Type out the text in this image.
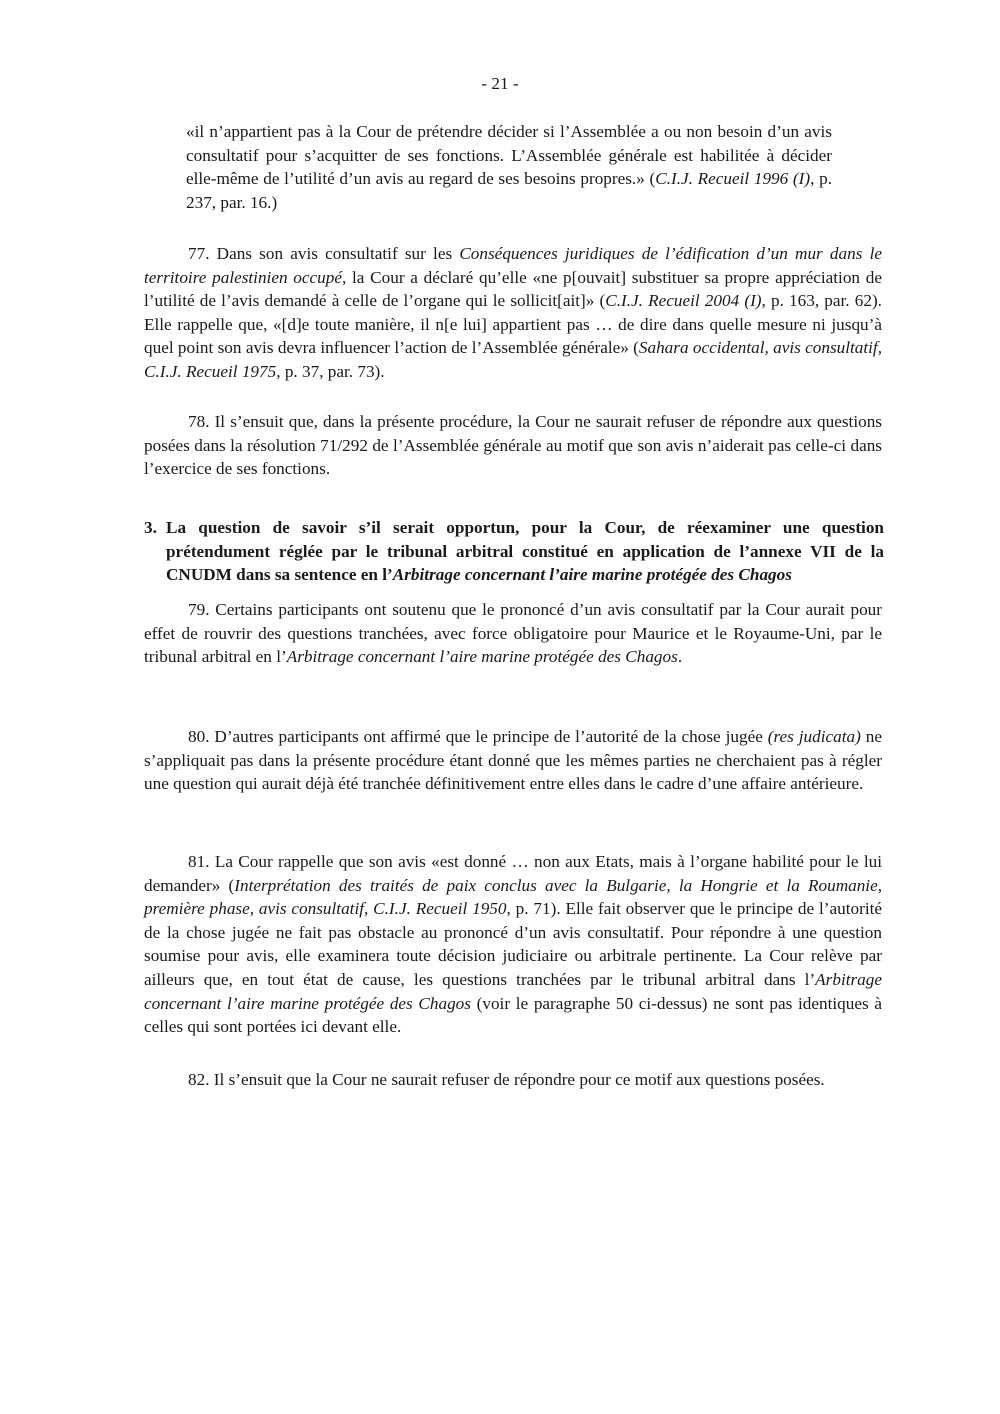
- 21 -
«il n’appartient pas à la Cour de prétendre décider si l’Assemblée a ou non besoin d’un avis consultatif pour s’acquitter de ses fonctions. L’Assemblée générale est habilitée à décider elle-même de l’utilité d’un avis au regard de ses besoins propres.» (C.I.J. Recueil 1996 (I), p. 237, par. 16.)
77. Dans son avis consultatif sur les Conséquences juridiques de l’édification d’un mur dans le territoire palestinien occupé, la Cour a déclaré qu’elle «ne p[ouvait] substituer sa propre appréciation de l’utilité de l’avis demandé à celle de l’organe qui le sollicit[ait]» (C.I.J. Recueil 2004 (I), p. 163, par. 62). Elle rappelle que, «[d]e toute manière, il n[e lui] appartient pas … de dire dans quelle mesure ni jusqu’à quel point son avis devra influencer l’action de l’Assemblée générale» (Sahara occidental, avis consultatif, C.I.J. Recueil 1975, p. 37, par. 73).
78. Il s’ensuit que, dans la présente procédure, la Cour ne saurait refuser de répondre aux questions posées dans la résolution 71/292 de l’Assemblée générale au motif que son avis n’aiderait pas celle-ci dans l’exercice de ses fonctions.
3. La question de savoir s’il serait opportun, pour la Cour, de réexaminer une question prétendument réglée par le tribunal arbitral constitué en application de l’annexe VII de la CNUDM dans sa sentence en l’Arbitrage concernant l’aire marine protégée des Chagos
79. Certains participants ont soutenu que le prononcé d’un avis consultatif par la Cour aurait pour effet de rouvrir des questions tranchées, avec force obligatoire pour Maurice et le Royaume-Uni, par le tribunal arbitral en l’Arbitrage concernant l’aire marine protégée des Chagos.
80. D’autres participants ont affirmé que le principe de l’autorité de la chose jugée (res judicata) ne s’appliquait pas dans la présente procédure étant donné que les mêmes parties ne cherchaient pas à régler une question qui aurait déjà été tranchée définitivement entre elles dans le cadre d’une affaire antérieure.
81. La Cour rappelle que son avis «est donné … non aux Etats, mais à l’organe habilité pour le lui demander» (Interprétation des traités de paix conclus avec la Bulgarie, la Hongrie et la Roumanie, première phase, avis consultatif, C.I.J. Recueil 1950, p. 71). Elle fait observer que le principe de l’autorité de la chose jugée ne fait pas obstacle au prononcé d’un avis consultatif. Pour répondre à une question soumise pour avis, elle examinera toute décision judiciaire ou arbitrale pertinente. La Cour relève par ailleurs que, en tout état de cause, les questions tranchées par le tribunal arbitral dans l’Arbitrage concernant l’aire marine protégée des Chagos (voir le paragraphe 50 ci-dessus) ne sont pas identiques à celles qui sont portées ici devant elle.
82. Il s’ensuit que la Cour ne saurait refuser de répondre pour ce motif aux questions posées.
